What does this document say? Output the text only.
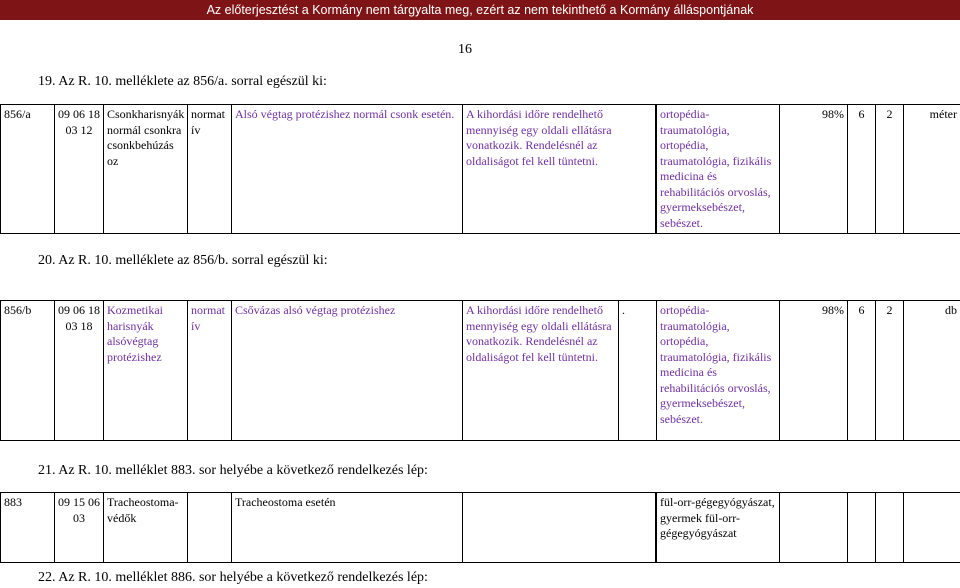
Az előterjesztést a Kormány nem tárgyalta meg, ezért az nem tekinthető a Kormány álláspontjának
16
19. Az R. 10. melléklete az 856/a. sorral egészül ki:
856/a	09 06 18 03 12	Csonkharisnyák normál csonkra csonkbehúzás oz	normat ív	Alsó végtag protézishez normál csonk esetén.	A kihordási időre rendelhető mennyiség egy oldali ellátásra vonatkozik. Rendelésnél az oldaliságot fel kell tüntetni.		ortopédia-traumatológia, ortopédia, traumatológia, fizikális medicina és rehabilitációs orvoslás, gyermeksebészet, sebészet.	98%	6	2	méter
20. Az R. 10. melléklete az 856/b. sorral egészül ki:
856/b	09 06 18 03 18	Kozmetikai harisnyák alsóvégtag protézishez	normat ív	Csővázas alsó végtag protézishez	A kihordási időre rendelhető mennyiség egy oldali ellátásra vonatkozik. Rendelésnél az oldaliságot fel kell tüntetni.	.	ortopédia-traumatológia, ortopédia, traumatológia, fizikális medicina és rehabilitációs orvoslás, gyermeksebészet, sebészet.	98%	6	2	db
21. Az R. 10. melléklet 883. sor helyébe a következő rendelkezés lép:
883	09 15 06 03	Tracheostoma-védők		Tracheostoma esetén			fül-orr-gégegyógyászat, gyermek fül-orr-gégegyógyászat				
22. Az R. 10. melléklet 886. sor helyébe a következő rendelkezés lép:
